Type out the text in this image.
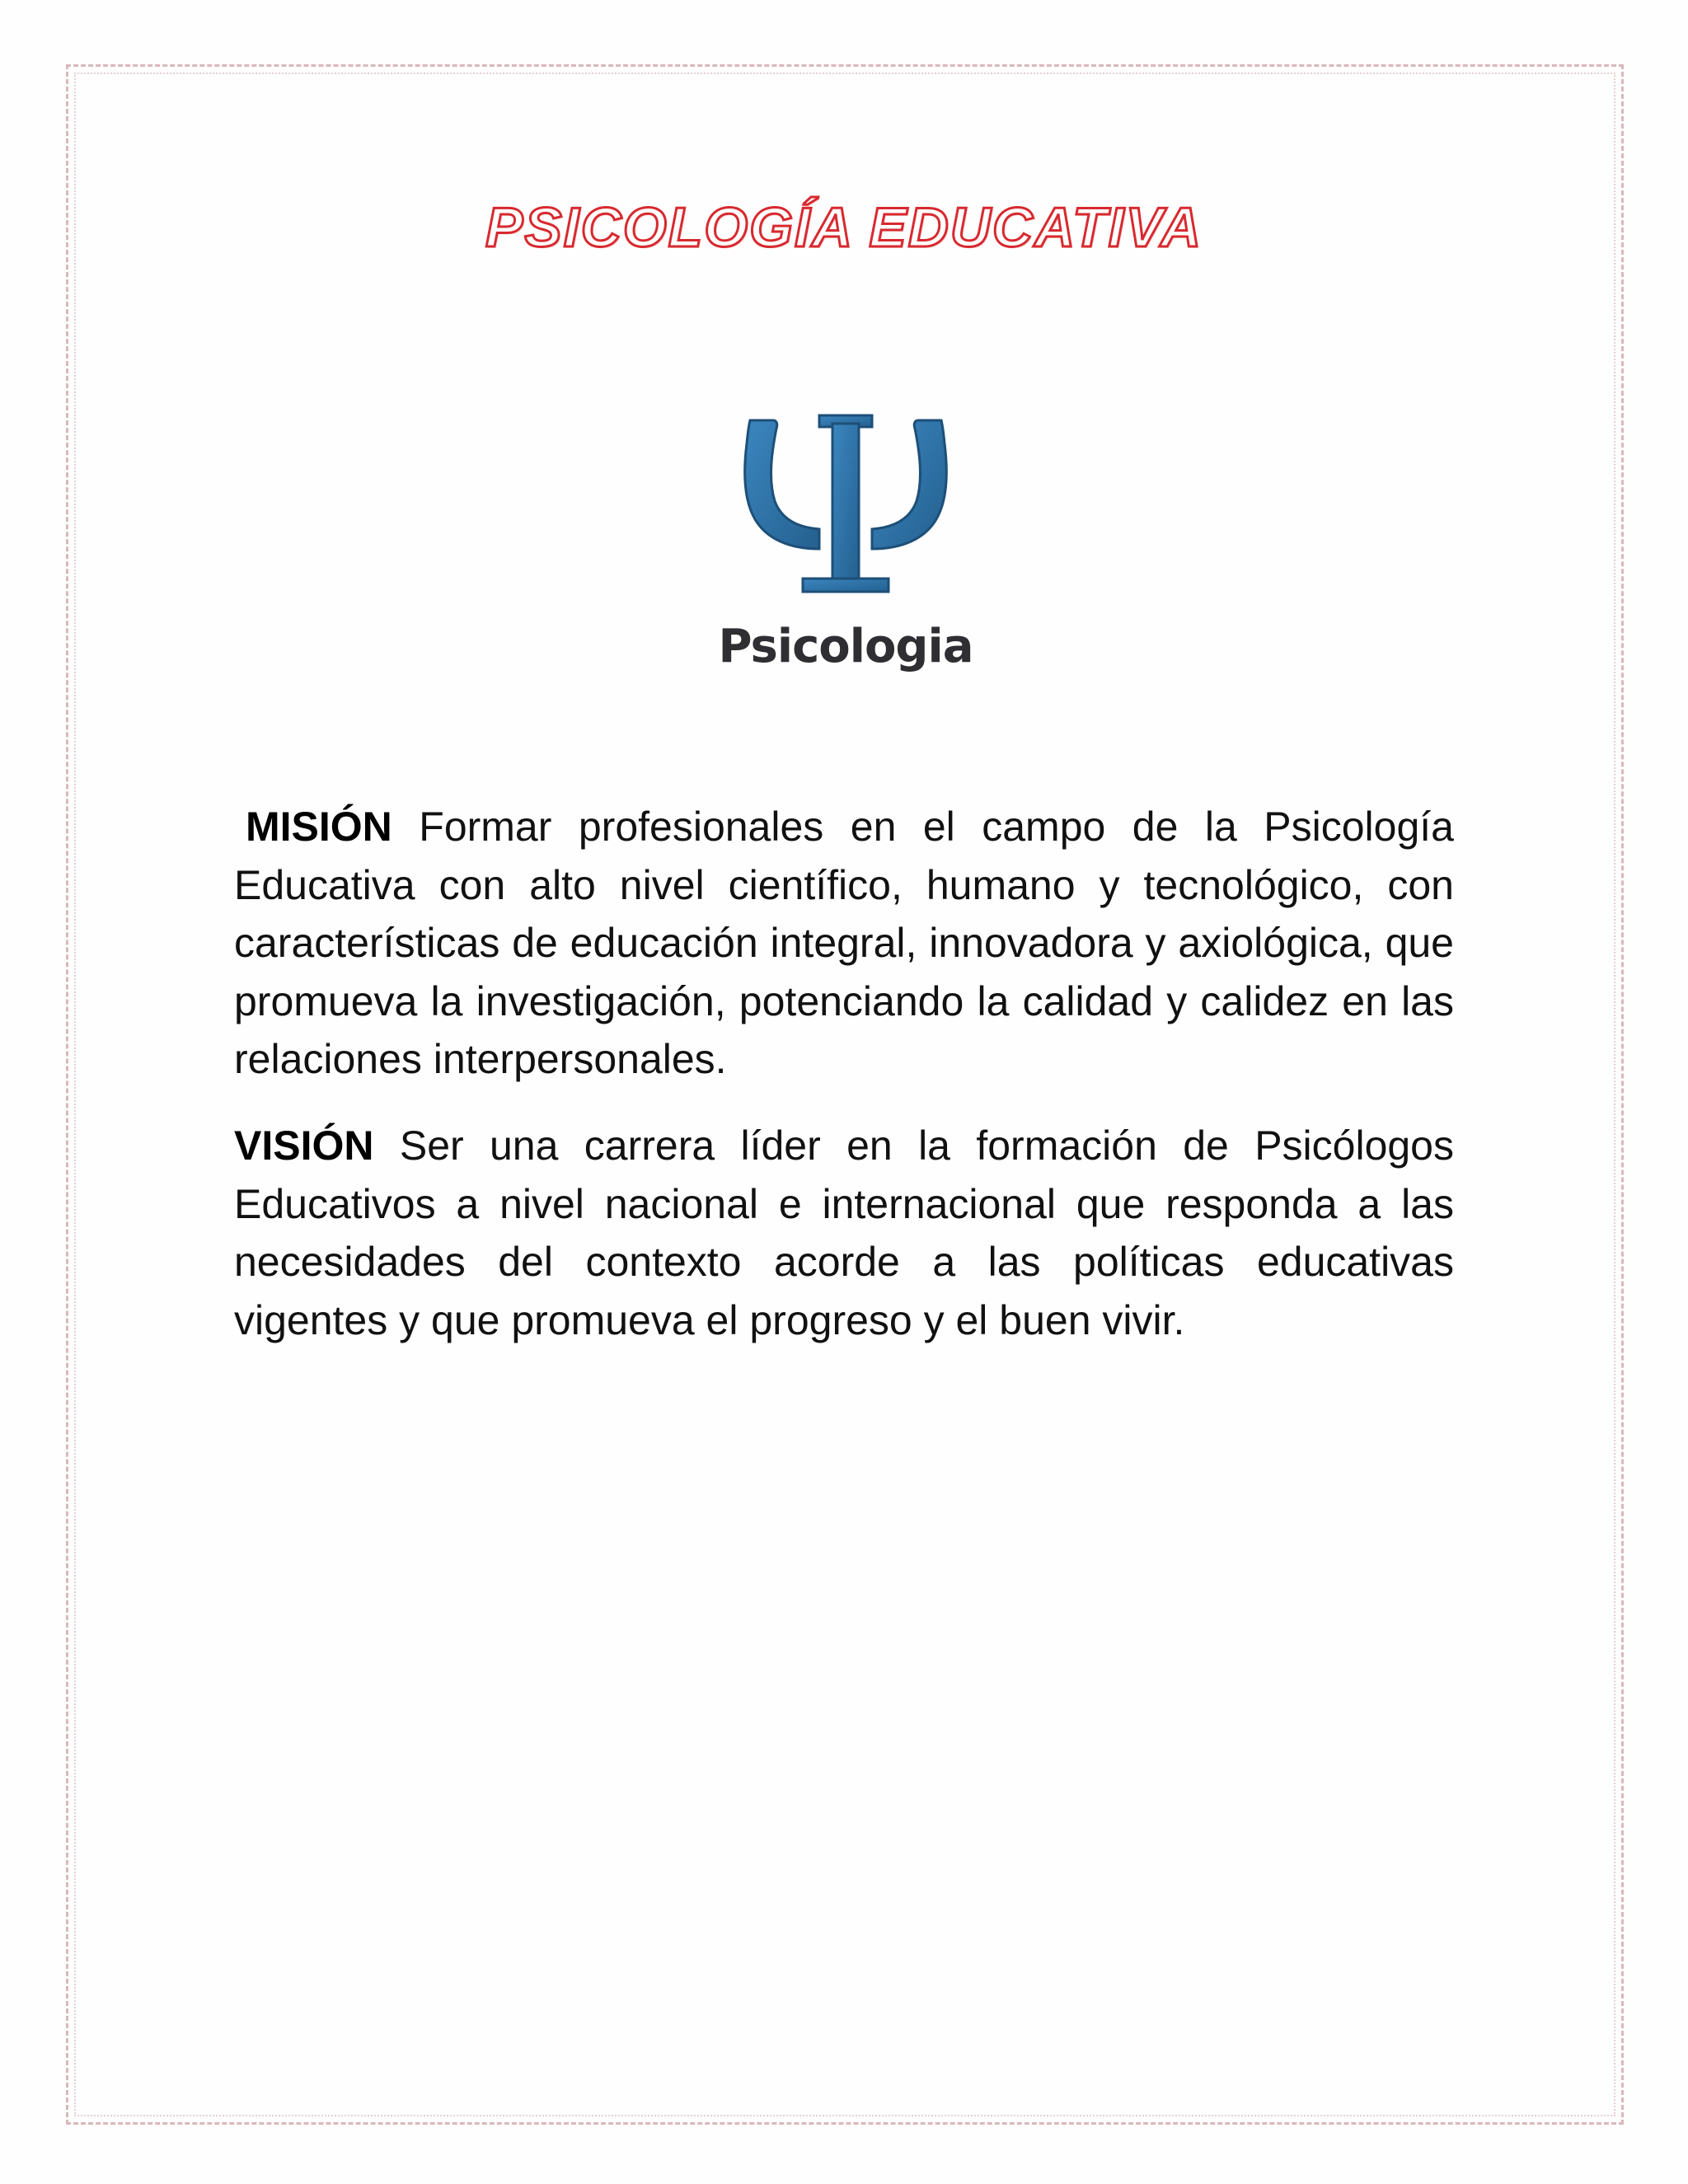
PSICOLOGÍA EDUCATIVA
Psicologia

MISIÓN Formar profesionales en el campo de la Psicología Educativa con alto nivel científico, humano y tecnológico, con características de educación integral, innovadora y axiológica, que promueva la investigación, potenciando la calidad y calidez en las relaciones interpersonales.

VISIÓN Ser una carrera líder en la formación de Psicólogos Educativos a nivel nacional e internacional que responda a las necesidades del contexto acorde a las políticas educativas vigentes y que promueva el progreso y el buen vivir.
